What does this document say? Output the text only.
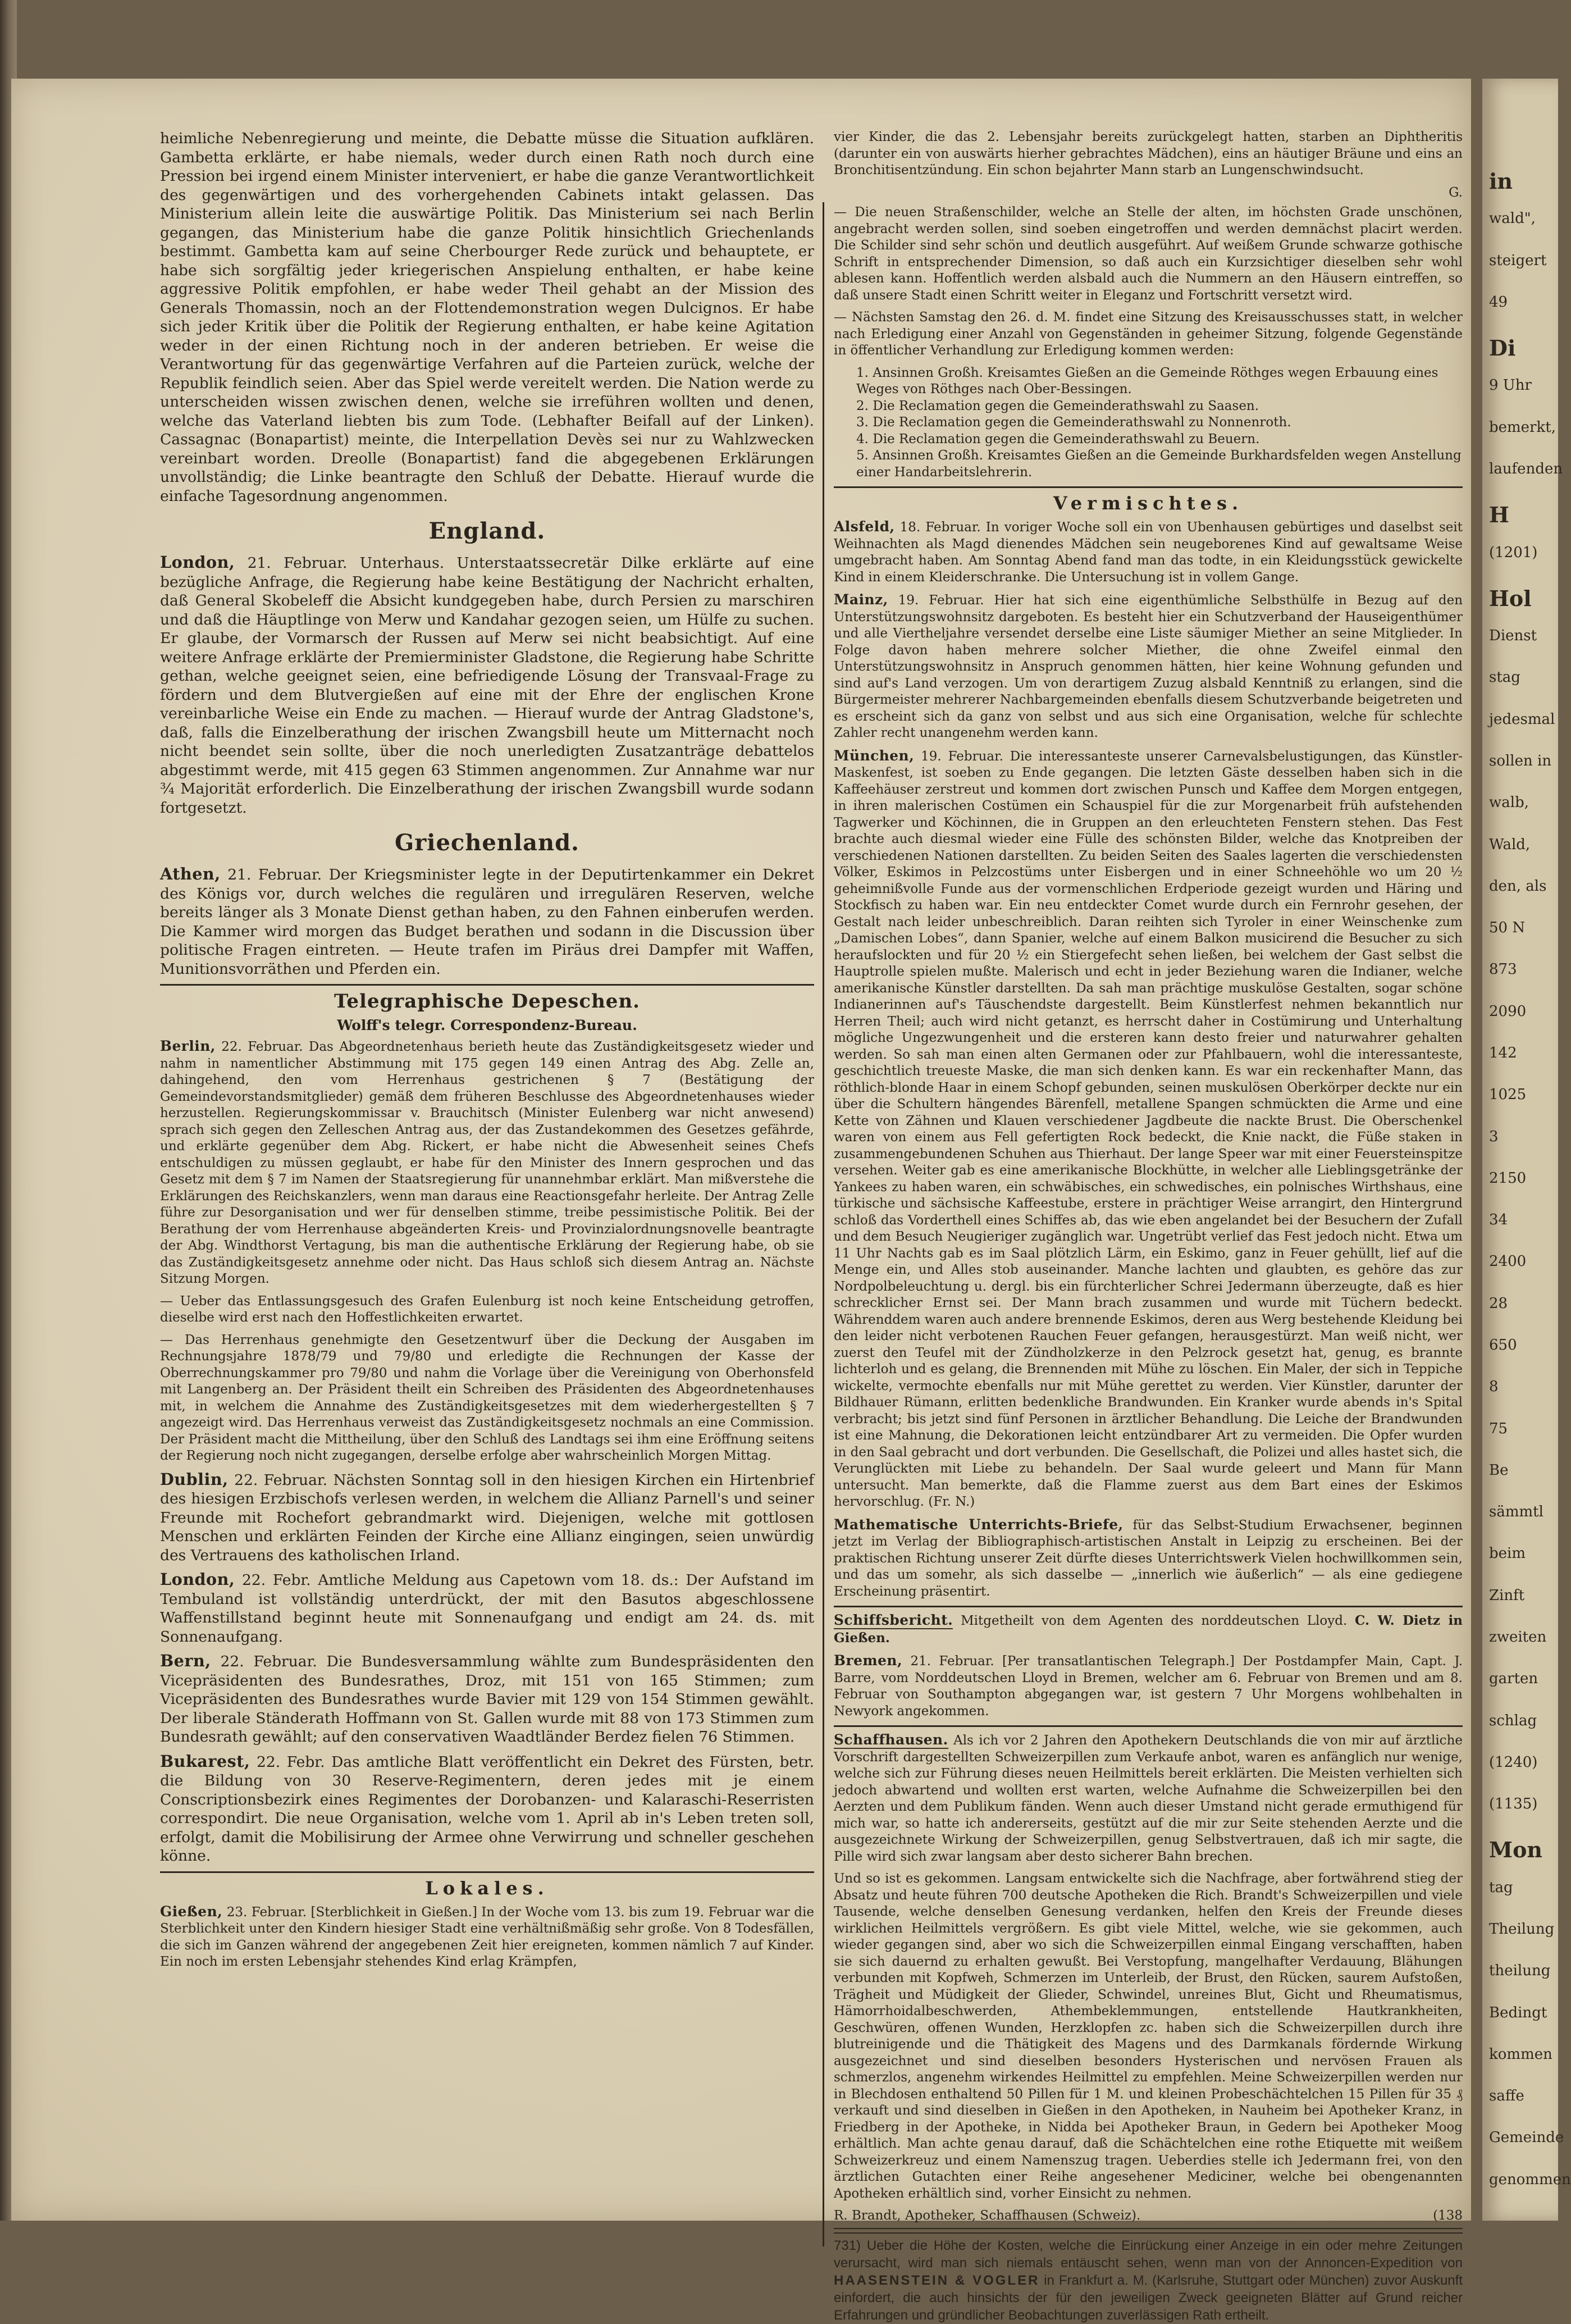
heimliche Nebenregierung und meinte, die Debatte müsse die Situation aufklären. Gambetta erklärte, er habe niemals, weder durch einen Rath noch durch eine Pression bei irgend einem Minister interveniert, er habe die ganze Verantwortlichkeit des gegenwärtigen und des vorhergehenden Cabinets intakt gelassen. Das Ministerium allein leite die auswärtige Politik. Das Ministerium sei nach Berlin gegangen, das Ministerium habe die ganze Politik hinsichtlich Griechenlands bestimmt. Gambetta kam auf seine Cherbourger Rede zurück und behauptete, er habe sich sorgfältig jeder kriegerischen Anspielung enthalten, er habe keine aggressive Politik empfohlen, er habe weder Theil gehabt an der Mission des Generals Thomassin, noch an der Flottendemonstration wegen Dulcignos. Er habe sich jeder Kritik über die Politik der Regierung enthalten, er habe keine Agitation weder in der einen Richtung noch in der anderen betrieben. Er weise die Verantwortung für das gegenwärtige Verfahren auf die Parteien zurück, welche der Republik feindlich seien. Aber das Spiel werde vereitelt werden. Die Nation werde zu unterscheiden wissen zwischen denen, welche sie irreführen wollten und denen, welche das Vaterland liebten bis zum Tode. (Lebhafter Beifall auf der Linken). Cassagnac (Bonapartist) meinte, die Interpellation Devès sei nur zu Wahlzwecken vereinbart worden. Dreolle (Bonapartist) fand die abgegebenen Erklärungen unvollständig; die Linke beantragte den Schluß der Debatte. Hierauf wurde die einfache Tagesordnung angenommen.

England.

London, 21. Februar. Unterhaus. Unterstaatssecretär Dilke erklärte auf eine bezügliche Anfrage, die Regierung habe keine Bestätigung der Nachricht erhalten, daß General Skobeleff die Absicht kundgegeben habe, durch Persien zu marschiren und daß die Häuptlinge von Merw und Kandahar gezogen seien, um Hülfe zu suchen. Er glaube, der Vormarsch der Russen auf Merw sei nicht beabsichtigt. Auf eine weitere Anfrage erklärte der Premierminister Gladstone, die Regierung habe Schritte gethan, welche geeignet seien, eine befriedigende Lösung der Transvaal-Frage zu fördern und dem Blutvergießen auf eine mit der Ehre der englischen Krone vereinbarliche Weise ein Ende zu machen. — Hierauf wurde der Antrag Gladstone's, daß, falls die Einzelberathung der irischen Zwangsbill heute um Mitternacht noch nicht beendet sein sollte, über die noch unerledigten Zusatzanträge debattelos abgestimmt werde, mit 415 gegen 63 Stimmen angenommen. Zur Annahme war nur ¾ Majorität erforderlich. Die Einzelberathung der irischen Zwangsbill wurde sodann fortgesetzt.

Griechenland.

Athen, 21. Februar. Der Kriegsminister legte in der Deputirtenkammer ein Dekret des Königs vor, durch welches die regulären und irregulären Reserven, welche bereits länger als 3 Monate Dienst gethan haben, zu den Fahnen einberufen werden. Die Kammer wird morgen das Budget berathen und sodann in die Discussion über politische Fragen eintreten. — Heute trafen im Piräus drei Dampfer mit Waffen, Munitionsvorräthen und Pferden ein.

Telegraphische Depeschen.
Wolff's telegr. Correspondenz-Bureau.

Berlin, 22. Februar. Das Abgeordnetenhaus berieth heute das Zuständigkeitsgesetz wieder und nahm in namentlicher Abstimmung mit 175 gegen 149 einen Antrag des Abg. Zelle an, dahingehend, den vom Herrenhaus gestrichenen § 7 (Bestätigung der Gemeindevorstandsmitglieder) gemäß dem früheren Beschlusse des Abgeordnetenhauses wieder herzustellen. Regierungskommissar v. Brauchitsch (Minister Eulenberg war nicht anwesend) sprach sich gegen den Zelleschen Antrag aus, der das Zustandekommen des Gesetzes gefährde, und erklärte gegenüber dem Abg. Rickert, er habe nicht die Abwesenheit seines Chefs entschuldigen zu müssen geglaubt, er habe für den Minister des Innern gesprochen und das Gesetz mit dem § 7 im Namen der Staatsregierung für unannehmbar erklärt. Man mißverstehe die Erklärungen des Reichskanzlers, wenn man daraus eine Reactionsgefahr herleite. Der Antrag Zelle führe zur Desorganisation und wer für denselben stimme, treibe pessimistische Politik. Bei der Berathung der vom Herrenhause abgeänderten Kreis- und Provinzialordnungsnovelle beantragte der Abg. Windthorst Vertagung, bis man die authentische Erklärung der Regierung habe, ob sie das Zuständigkeitsgesetz annehme oder nicht. Das Haus schloß sich diesem Antrag an. Nächste Sitzung Morgen.

— Ueber das Entlassungsgesuch des Grafen Eulenburg ist noch keine Entscheidung getroffen, dieselbe wird erst nach den Hoffestlichkeiten erwartet.

— Das Herrenhaus genehmigte den Gesetzentwurf über die Deckung der Ausgaben im Rechnungsjahre 1878/79 und 79/80 und erledigte die Rechnungen der Kasse der Oberrechnungskammer pro 79/80 und nahm die Vorlage über die Vereinigung von Oberhonsfeld mit Langenberg an. Der Präsident theilt ein Schreiben des Präsidenten des Abgeordnetenhauses mit, in welchem die Annahme des Zuständigkeitsgesetzes mit dem wiederhergestellten § 7 angezeigt wird. Das Herrenhaus verweist das Zuständigkeitsgesetz nochmals an eine Commission. Der Präsident macht die Mittheilung, über den Schluß des Landtags sei ihm eine Eröffnung seitens der Regierung noch nicht zugegangen, derselbe erfolge aber wahrscheinlich Morgen Mittag.

Dublin, 22. Februar. Nächsten Sonntag soll in den hiesigen Kirchen ein Hirtenbrief des hiesigen Erzbischofs verlesen werden, in welchem die Allianz Parnell's und seiner Freunde mit Rochefort gebrandmarkt wird. Diejenigen, welche mit gottlosen Menschen und erklärten Feinden der Kirche eine Allianz eingingen, seien unwürdig des Vertrauens des katholischen Irland.

London, 22. Febr. Amtliche Meldung aus Capetown vom 18. ds.: Der Aufstand im Tembuland ist vollständig unterdrückt, der mit den Basutos abgeschlossene Waffenstillstand beginnt heute mit Sonnenaufgang und endigt am 24. ds. mit Sonnenaufgang.

Bern, 22. Februar. Die Bundesversammlung wählte zum Bundespräsidenten den Vicepräsidenten des Bundesrathes, Droz, mit 151 von 165 Stimmen; zum Vicepräsidenten des Bundesrathes wurde Bavier mit 129 von 154 Stimmen gewählt. Der liberale Ständerath Hoffmann von St. Gallen wurde mit 88 von 173 Stimmen zum Bundesrath gewählt; auf den conservativen Waadtländer Berdez fielen 76 Stimmen.

Bukarest, 22. Febr. Das amtliche Blatt veröffentlicht ein Dekret des Fürsten, betr. die Bildung von 30 Reserve-Regimentern, deren jedes mit je einem Conscriptionsbezirk eines Regimentes der Dorobanzen- und Kalaraschi-Reserristen correspondirt. Die neue Organisation, welche vom 1. April ab in's Leben treten soll, erfolgt, damit die Mobilisirung der Armee ohne Verwirrung und schneller geschehen könne.

Lokales.

Gießen, 23. Februar. [Sterblichkeit in Gießen.] In der Woche vom 13. bis zum 19. Februar war die Sterblichkeit unter den Kindern hiesiger Stadt eine verhältnißmäßig sehr große. Von 8 Todesfällen, die sich im Ganzen während der angegebenen Zeit hier ereigneten, kommen nämlich 7 auf Kinder. Ein noch im ersten Lebensjahr stehendes Kind erlag Krämpfen,

vier Kinder, die das 2. Lebensjahr bereits zurückgelegt hatten, starben an Diphtheritis (darunter ein von auswärts hierher gebrachtes Mädchen), eins an häutiger Bräune und eins an Bronchitisentzündung. Ein schon bejahrter Mann starb an Lungenschwindsucht.

G.

— Die neuen Straßenschilder, welche an Stelle der alten, im höchsten Grade unschönen, angebracht werden sollen, sind soeben eingetroffen und werden demnächst placirt werden. Die Schilder sind sehr schön und deutlich ausgeführt. Auf weißem Grunde schwarze gothische Schrift in entsprechender Dimension, so daß auch ein Kurzsichtiger dieselben sehr wohl ablesen kann. Hoffentlich werden alsbald auch die Nummern an den Häusern eintreffen, so daß unsere Stadt einen Schritt weiter in Eleganz und Fortschritt versetzt wird.

— Nächsten Samstag den 26. d. M. findet eine Sitzung des Kreisausschusses statt, in welcher nach Erledigung einer Anzahl von Gegenständen in geheimer Sitzung, folgende Gegenstände in öffentlicher Verhandlung zur Erledigung kommen werden:

1. Ansinnen Großh. Kreisamtes Gießen an die Gemeinde Röthges wegen Erbauung eines Weges von Röthges nach Ober-Bessingen.
2. Die Reclamation gegen die Gemeinderathswahl zu Saasen.
3. Die Reclamation gegen die Gemeinderathswahl zu Nonnenroth.
4. Die Reclamation gegen die Gemeinderathswahl zu Beuern.
5. Ansinnen Großh. Kreisamtes Gießen an die Gemeinde Burkhardsfelden wegen Anstellung einer Handarbeitslehrerin.
Vermischtes.

Alsfeld, 18. Februar. In voriger Woche soll ein von Ubenhausen gebürtiges und daselbst seit Weihnachten als Magd dienendes Mädchen sein neugeborenes Kind auf gewaltsame Weise umgebracht haben. Am Sonntag Abend fand man das todte, in ein Kleidungsstück gewickelte Kind in einem Kleiderschranke. Die Untersuchung ist in vollem Gange.

Mainz, 19. Februar. Hier hat sich eine eigenthümliche Selbsthülfe in Bezug auf den Unterstützungswohnsitz dargeboten. Es besteht hier ein Schutzverband der Hauseigenthümer und alle Viertheljahre versendet derselbe eine Liste säumiger Miether an seine Mitglieder. In Folge davon haben mehrere solcher Miether, die ohne Zweifel einmal den Unterstützungswohnsitz in Anspruch genommen hätten, hier keine Wohnung gefunden und sind auf's Land verzogen. Um von derartigem Zuzug alsbald Kenntniß zu erlangen, sind die Bürgermeister mehrerer Nachbargemeinden ebenfalls diesem Schutzverbande beigetreten und es erscheint sich da ganz von selbst und aus sich eine Organisation, welche für schlechte Zahler recht unangenehm werden kann.

München, 19. Februar. Die interessanteste unserer Carnevalsbelustigungen, das Künstler-Maskenfest, ist soeben zu Ende gegangen. Die letzten Gäste desselben haben sich in die Kaffeehäuser zerstreut und kommen dort zwischen Punsch und Kaffee dem Morgen entgegen, in ihren malerischen Costümen ein Schauspiel für die zur Morgenarbeit früh aufstehenden Tagwerker und Köchinnen, die in Gruppen an den erleuchteten Fenstern stehen. Das Fest brachte auch diesmal wieder eine Fülle des schönsten Bilder, welche das Knotpreiben der verschiedenen Nationen darstellten. Zu beiden Seiten des Saales lagerten die verschiedensten Völker, Eskimos in Pelzcostüms unter Eisbergen und in einer Schneehöhle wo um 20 ½ geheimnißvolle Funde aus der vormenschlichen Erdperiode gezeigt wurden und Häring und Stockfisch zu haben war. Ein neu entdeckter Comet wurde durch ein Fernrohr gesehen, der Gestalt nach leider unbeschreiblich. Daran reihten sich Tyroler in einer Weinschenke zum „Damischen Lobes“, dann Spanier, welche auf einem Balkon musicirend die Besucher zu sich heraufslockten und für 20 ½ ein Stiergefecht sehen ließen, bei welchem der Gast selbst die Hauptrolle spielen mußte. Malerisch und echt in jeder Beziehung waren die Indianer, welche amerikanische Künstler darstellten. Da sah man prächtige muskulöse Gestalten, sogar schöne Indianerinnen auf's Täuschendste dargestellt. Beim Künstlerfest nehmen bekanntlich nur Herren Theil; auch wird nicht getanzt, es herrscht daher in Costümirung und Unterhaltung mögliche Ungezwungenheit und die ersteren kann desto freier und naturwahrer gehalten werden. So sah man einen alten Germanen oder zur Pfahlbauern, wohl die interessanteste, geschichtlich treueste Maske, die man sich denken kann. Es war ein reckenhafter Mann, das röthlich-blonde Haar in einem Schopf gebunden, seinen muskulösen Oberkörper deckte nur ein über die Schultern hängendes Bärenfell, metallene Spangen schmückten die Arme und eine Kette von Zähnen und Klauen verschiedener Jagdbeute die nackte Brust. Die Oberschenkel waren von einem aus Fell gefertigten Rock bedeckt, die Knie nackt, die Füße staken in zusammengebundenen Schuhen aus Thierhaut. Der lange Speer war mit einer Feuersteinspitze versehen. Weiter gab es eine amerikanische Blockhütte, in welcher alle Lieblingsgetränke der Yankees zu haben waren, ein schwäbisches, ein schwedisches, ein polnisches Wirthshaus, eine türkische und sächsische Kaffeestube, erstere in prächtiger Weise arrangirt, den Hintergrund schloß das Vorderthell eines Schiffes ab, das wie eben angelandet bei der Besuchern der Zufall und dem Besuch Neugieriger zugänglich war. Ungetrübt verlief das Fest jedoch nicht. Etwa um 11 Uhr Nachts gab es im Saal plötzlich Lärm, ein Eskimo, ganz in Feuer gehüllt, lief auf die Menge ein, und Alles stob auseinander. Manche lachten und glaubten, es gehöre das zur Nordpolbeleuchtung u. dergl. bis ein fürchterlicher Schrei Jedermann überzeugte, daß es hier schrecklicher Ernst sei. Der Mann brach zusammen und wurde mit Tüchern bedeckt. Währenddem waren auch andere brennende Eskimos, deren aus Werg bestehende Kleidung bei den leider nicht verbotenen Rauchen Feuer gefangen, herausgestürzt. Man weiß nicht, wer zuerst den Teufel mit der Zündholzkerze in den Pelzrock gesetzt hat, genug, es brannte lichterloh und es gelang, die Brennenden mit Mühe zu löschen. Ein Maler, der sich in Teppiche wickelte, vermochte ebenfalls nur mit Mühe gerettet zu werden. Vier Künstler, darunter der Bildhauer Rümann, erlitten bedenkliche Brandwunden. Ein Kranker wurde abends in's Spital verbracht; bis jetzt sind fünf Personen in ärztlicher Behandlung. Die Leiche der Brandwunden ist eine Mahnung, die Dekorationen leicht entzündbarer Art zu vermeiden. Die Opfer wurden in den Saal gebracht und dort verbunden. Die Gesellschaft, die Polizei und alles hastet sich, die Verunglückten mit Liebe zu behandeln. Der Saal wurde geleert und Mann für Mann untersucht. Man bemerkte, daß die Flamme zuerst aus dem Bart eines der Eskimos hervorschlug. (Fr. N.)

Mathematische Unterrichts-Briefe, für das Selbst-Studium Erwachsener, beginnen jetzt im Verlag der Bibliographisch-artistischen Anstalt in Leipzig zu erscheinen. Bei der praktischen Richtung unserer Zeit dürfte dieses Unterrichtswerk Vielen hochwillkommen sein, und das um somehr, als sich dasselbe — „innerlich wie äußerlich“ — als eine gediegene Erscheinung präsentirt.

Schiffsbericht. Mitgetheilt von dem Agenten des norddeutschen Lloyd. C. W. Dietz in Gießen.

Bremen, 21. Februar. [Per transatlantischen Telegraph.] Der Postdampfer Main, Capt. J. Barre, vom Norddeutschen Lloyd in Bremen, welcher am 6. Februar von Bremen und am 8. Februar von Southampton abgegangen war, ist gestern 7 Uhr Morgens wohlbehalten in Newyork angekommen.

Schaffhausen. Als ich vor 2 Jahren den Apothekern Deutschlands die von mir auf ärztliche Vorschrift dargestellten Schweizerpillen zum Verkaufe anbot, waren es anfänglich nur wenige, welche sich zur Führung dieses neuen Heilmittels bereit erklärten. Die Meisten verhielten sich jedoch abwartend und wollten erst warten, welche Aufnahme die Schweizerpillen bei den Aerzten und dem Publikum fänden. Wenn auch dieser Umstand nicht gerade ermuthigend für mich war, so hatte ich andererseits, gestützt auf die mir zur Seite stehenden Aerzte und die ausgezeichnete Wirkung der Schweizerpillen, genug Selbstvertrauen, daß ich mir sagte, die Pille wird sich zwar langsam aber desto sicherer Bahn brechen.

Und so ist es gekommen. Langsam entwickelte sich die Nachfrage, aber fortwährend stieg der Absatz und heute führen 700 deutsche Apotheken die Rich. Brandt's Schweizerpillen und viele Tausende, welche denselben Genesung verdanken, helfen den Kreis der Freunde dieses wirklichen Heilmittels vergrößern. Es gibt viele Mittel, welche, wie sie gekommen, auch wieder gegangen sind, aber wo sich die Schweizerpillen einmal Eingang verschafften, haben sie sich dauernd zu erhalten gewußt. Bei Verstopfung, mangelhafter Verdauung, Blähungen verbunden mit Kopfweh, Schmerzen im Unterleib, der Brust, den Rücken, saurem Aufstoßen, Trägheit und Müdigkeit der Glieder, Schwindel, unreines Blut, Gicht und Rheumatismus, Hämorrhoidalbeschwerden, Athembeklemmungen, entstellende Hautkrankheiten, Geschwüren, offenen Wunden, Herzklopfen zc. haben sich die Schweizerpillen durch ihre blutreinigende und die Thätigkeit des Magens und des Darmkanals fördernde Wirkung ausgezeichnet und sind dieselben besonders Hysterischen und nervösen Frauen als schmerzlos, angenehm wirkendes Heilmittel zu empfehlen. Meine Schweizerpillen werden nur in Blechdosen enthaltend 50 Pillen für 1 M. und kleinen Probeschächtelchen 15 Pillen für 35 ₰ verkauft und sind dieselben in Gießen in den Apotheken, in Nauheim bei Apotheker Kranz, in Friedberg in der Apotheke, in Nidda bei Apotheker Braun, in Gedern bei Apotheker Moog erhältlich. Man achte genau darauf, daß die Schächtelchen eine rothe Etiquette mit weißem Schweizerkreuz und einem Namenszug tragen. Ueberdies stelle ich Jedermann frei, von den ärztlichen Gutachten einer Reihe angesehener Mediciner, welche bei obengenannten Apotheken erhältlich sind, vorher Einsicht zu nehmen.

R. Brandt, Apotheker, Schaffhausen (Schweiz).	(138

731) Ueber die Höhe der Kosten, welche die Einrückung einer Anzeige in ein oder mehre Zeitungen verursacht, wird man sich niemals entäuscht sehen, wenn man von der Annoncen-Expedition von HAASENSTEIN & VOGLER in Frankfurt a. M. (Karlsruhe, Stuttgart oder München) zuvor Auskunft einfordert, die auch hinsichts der für den jeweiligen Zweck geeigneten Blätter auf Grund reicher Erfahrungen und gründlicher Beobachtungen zuverlässigen Rath ertheilt.

in
wald",
steigert
49
Di
9 Uhr
bemerkt,
laufenden
H
(1201)
Hol
Dienst
stag
jedesmal
sollen in
walb,
Wald,
den, als
50 N
873
2090
142
1025
3
2150
34
2400
28
650
8
75
Be
sämmtl
beim
Zinft
zweiten
garten
schlag
(1240)
(1135)
Mon
tag
Theilung
theilung
Bedingt
kommen
saffe
Gemeinde
genommen
